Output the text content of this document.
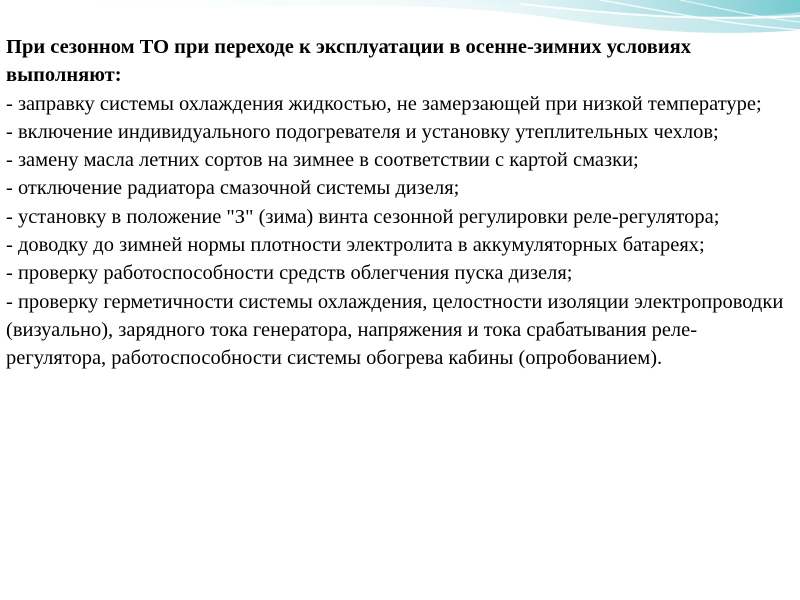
При сезонном ТО при переходе к эксплуатации в осенне-зимних условиях выполняют:

- заправку системы охлаждения жидкостью, не замерзающей при низкой температуре;
- включение индивидуального подогревателя и установку утеплительных чехлов;
- замену масла летних сортов на зимнее в соответствии с картой смазки;
- отключение радиатора смазочной системы дизеля;
- установку в положение "З" (зима) винта сезонной регулировки реле-регулятора;
- доводку до зимней нормы плотности электролита в аккумуляторных батареях;
- проверку работоспособности средств облегчения пуска дизеля;
- проверку герметичности системы охлаждения, целостности изоляции электропроводки (визуально), зарядного тока генератора, напряжения и тока срабатывания реле-регулятора, работоспособности системы обогрева кабины (опробованием).
